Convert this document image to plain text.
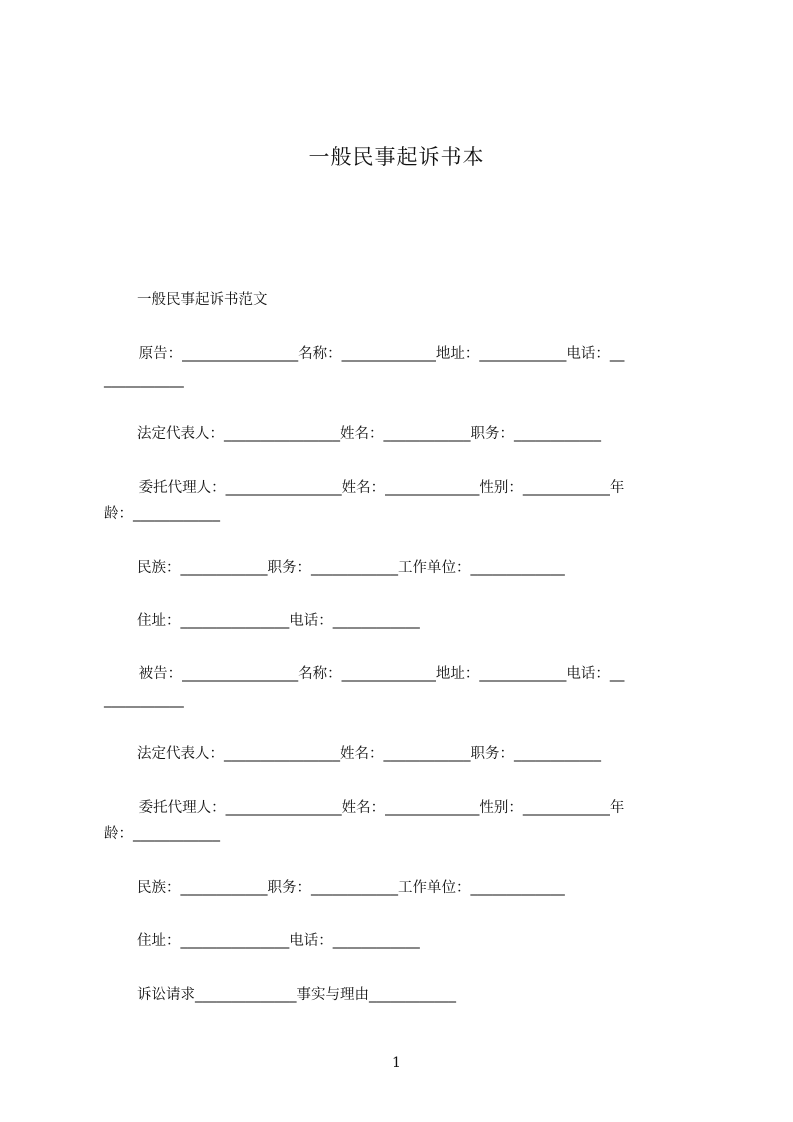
一般民事起诉书本

一般民事起诉书范文

原告：________________名称：_____________地址：____________电话：__

___________

法定代表人：________________姓名：____________职务：____________

委托代理人：________________姓名：_____________性别：____________年

龄：____________

民族：____________职务：____________工作单位：_____________

住址：_______________电话：____________

被告：________________名称：_____________地址：____________电话：__

___________

法定代表人：________________姓名：____________职务：____________

委托代理人：________________姓名：_____________性别：____________年

龄：____________

民族：____________职务：____________工作单位：_____________

住址：_______________电话：____________

诉讼请求______________事实与理由____________

1
